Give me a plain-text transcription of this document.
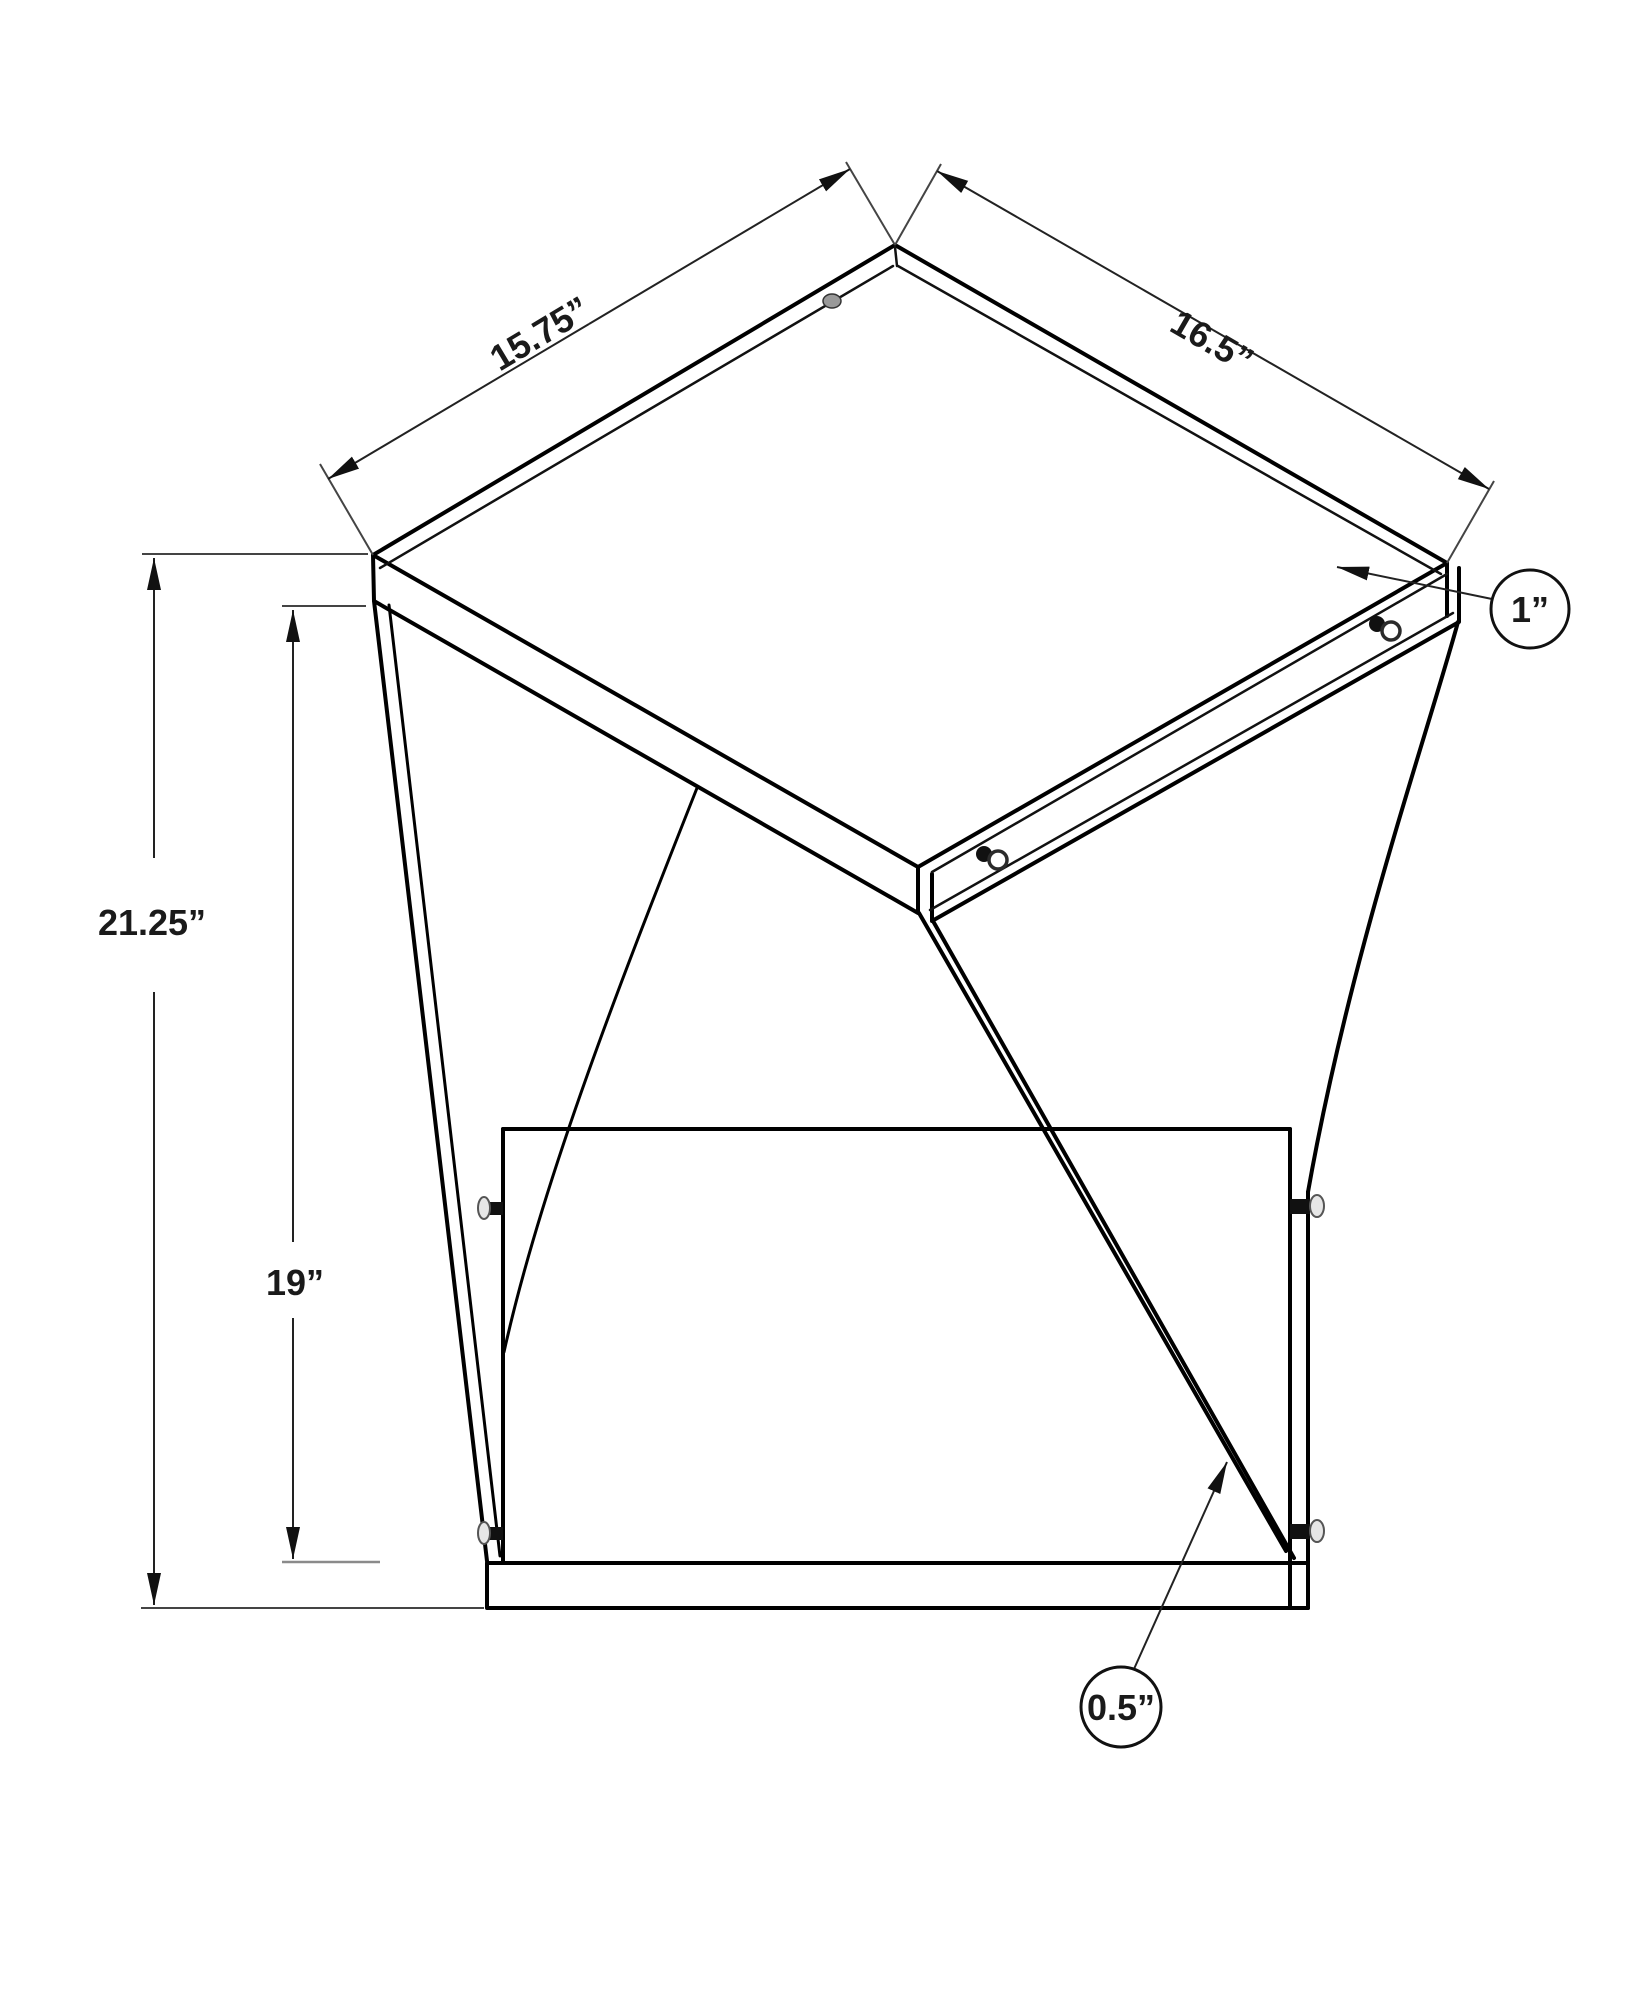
15.75”	16.5”
21.25”
19”
1”
0.5”
